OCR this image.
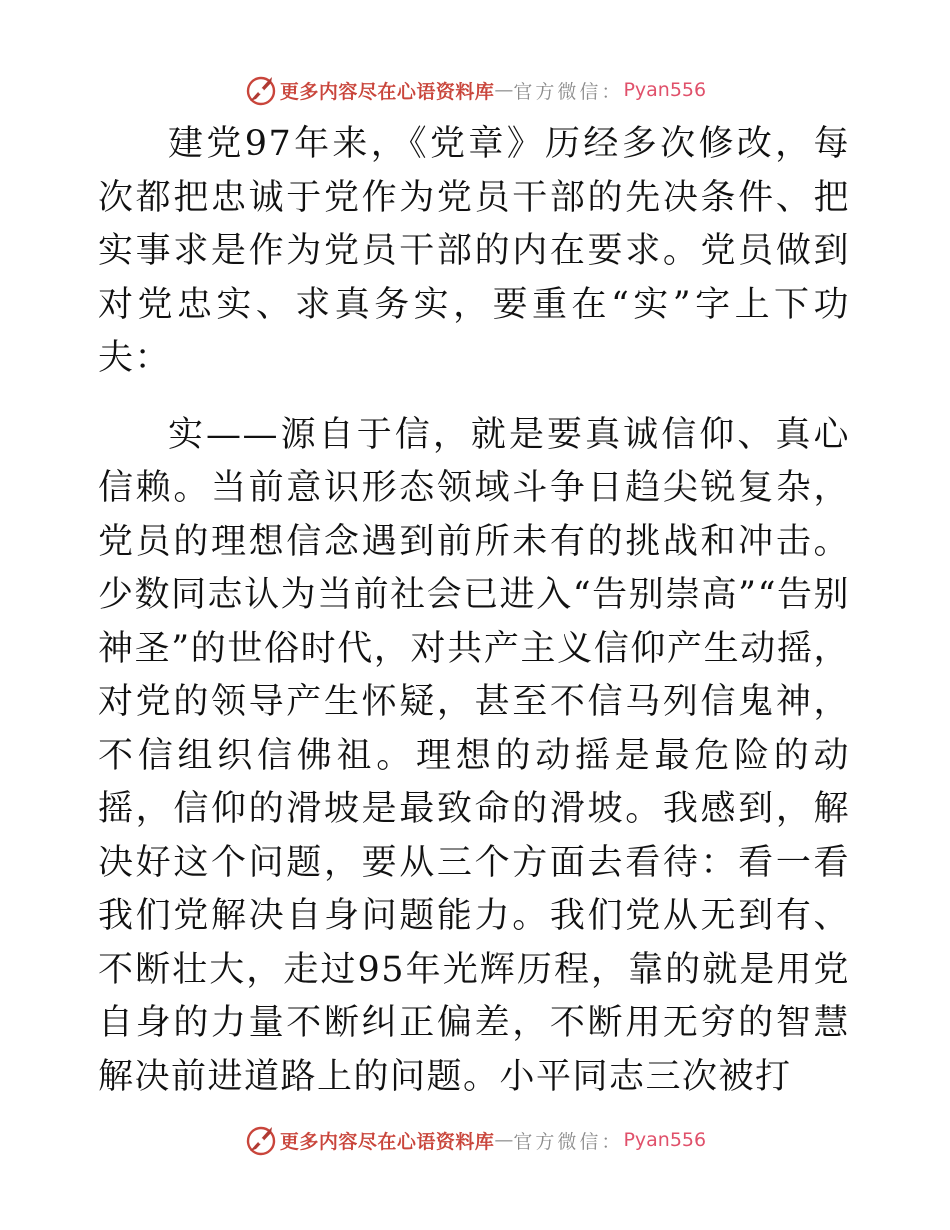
更多内容尽在心语资料库 — 官方微信： Pyan556

建党97年来，《党章》历经多次修改，每次都把忠诚于党作为党员干部的先决条件、把实事求是作为党员干部的内在要求。党员做到对党忠实、求真务实，要重在“实”字上下功夫：

实——源自于信，就是要真诚信仰、真心信赖。当前意识形态领域斗争日趋尖锐复杂，党员的理想信念遇到前所未有的挑战和冲击。少数同志认为当前社会已进入“告别崇高”“告别神圣”的世俗时代，对共产主义信仰产生动摇，对党的领导产生怀疑，甚至不信马列信鬼神，不信组织信佛祖。理想的动摇是最危险的动摇，信仰的滑坡是最致命的滑坡。我感到，解决好这个问题，要从三个方面去看待：看一看我们党解决自身问题能力。我们党从无到有、不断壮大，走过95年光辉历程，靠的就是用党自身的力量不断纠正偏差，不断用无穷的智慧解决前进道路上的问题。小平同志三次被打

更多内容尽在心语资料库 — 官方微信： Pyan556
